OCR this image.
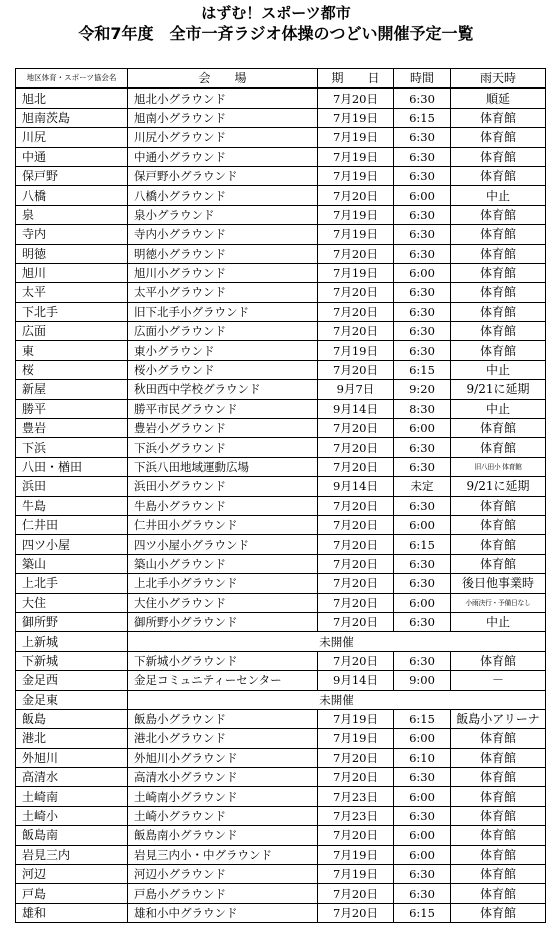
はずむ！スポーツ都市
令和7年度　全市一斉ラジオ体操のつどい開催予定一覧
地区体育・スポーツ協会名	会　　場	期　　日	時間	雨天時
旭北	旭北小グラウンド	7月20日	6:30	順延
旭南茨島	旭南小グラウンド	7月19日	6:15	体育館
川尻	川尻小グラウンド	7月19日	6:30	体育館
中通	中通小グラウンド	7月19日	6:30	体育館
保戸野	保戸野小グラウンド	7月19日	6:30	体育館
八橋	八橋小グラウンド	7月20日	6:00	中止
泉	泉小グラウンド	7月19日	6:30	体育館
寺内	寺内小グラウンド	7月19日	6:30	体育館
明徳	明徳小グラウンド	7月20日	6:30	体育館
旭川	旭川小グラウンド	7月19日	6:00	体育館
太平	太平小グラウンド	7月20日	6:30	体育館
下北手	旧下北手小グラウンド	7月20日	6:30	体育館
広面	広面小グラウンド	7月20日	6:30	体育館
東	東小グラウンド	7月19日	6:30	体育館
桜	桜小グラウンド	7月20日	6:15	中止
新屋	秋田西中学校グラウンド	9月7日	9:20	9/21に延期
勝平	勝平市民グラウンド	9月14日	8:30	中止
豊岩	豊岩小グラウンド	7月20日	6:00	体育館
下浜	下浜小グラウンド	7月20日	6:30	体育館
八田・楢田	下浜八田地域運動広場	7月20日	6:30	旧八田小 体育館
浜田	浜田小グラウンド	9月14日	未定	9/21に延期
牛島	牛島小グラウンド	7月20日	6:30	体育館
仁井田	仁井田小グラウンド	7月20日	6:00	体育館
四ツ小屋	四ツ小屋小グラウンド	7月20日	6:15	体育館
築山	築山小グラウンド	7月20日	6:30	体育館
上北手	上北手小グラウンド	7月20日	6:30	後日他事業時
大住	大住小グラウンド	7月20日	6:00	小雨決行・予備日なし
御所野	御所野小グラウンド	7月20日	6:30	中止
上新城	未開催			
下新城	下新城小グラウンド	7月20日	6:30	体育館
金足西	金足コミュニティーセンター	9月14日	9:00	－
金足東	未開催			
飯島	飯島小グラウンド	7月19日	6:15	飯島小アリーナ
港北	港北小グラウンド	7月19日	6:00	体育館
外旭川	外旭川小グラウンド	7月20日	6:10	体育館
高清水	高清水小グラウンド	7月20日	6:30	体育館
土崎南	土崎南小グラウンド	7月23日	6:00	体育館
土崎小	土崎小グラウンド	7月23日	6:30	体育館
飯島南	飯島南小グラウンド	7月20日	6:00	体育館
岩見三内	岩見三内小・中グラウンド	7月19日	6:00	体育館
河辺	河辺小グラウンド	7月19日	6:30	体育館
戸島	戸島小グラウンド	7月20日	6:30	体育館
雄和	雄和小中グラウンド	7月20日	6:15	体育館
